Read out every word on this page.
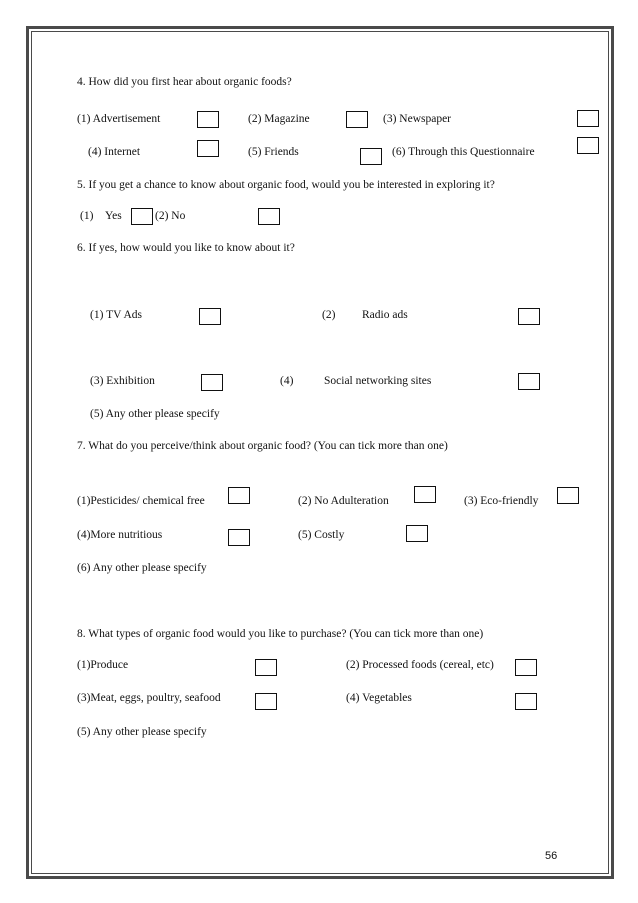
4. How did you first hear about organic foods?
(1) Advertisement	(2) Magazine	(3) Newspaper
(4) Internet	(5) Friends	(6) Through this Questionnaire
5. If you get a chance to know about organic food, would you be interested in exploring it?
(1) Yes	(2) No
6. If yes, how would you like to know about it?
(1) TV Ads	(2) Radio ads
(3) Exhibition	(4)	Social networking sites
(5) Any other please specify
7. What do you perceive/think about organic food? (You can tick more than one)
(1)Pesticides/ chemical free	(2) No Adulteration	(3) Eco-friendly
(4)More nutritious	(5) Costly
(6) Any other please specify
8. What types of organic food would you like to purchase? (You can tick more than one)
(1)Produce	(2) Processed foods (cereal, etc)
(3)Meat, eggs, poultry, seafood	(4) Vegetables
(5) Any other please specify
56
